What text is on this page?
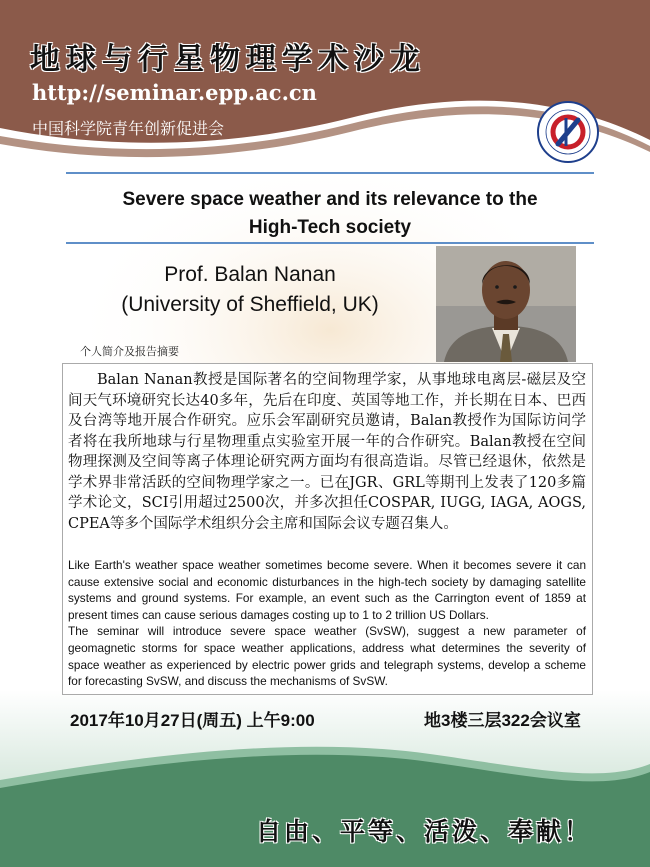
地球与行星物理学术沙龙
http://seminar.epp.ac.cn
中国科学院青年创新促进会
Severe space weather and its relevance to the
High-Tech society
Prof. Balan Nanan
(University of Sheffield, UK)
个人简介及报告摘要

Balan Nanan教授是国际著名的空间物理学家，从事地球电离层-磁层及空间天气环境研究长达40多年，先后在印度、英国等地工作，并长期在日本、巴西及台湾等地开展合作研究。应乐会军副研究员邀请，Balan教授作为国际访问学者将在我所地球与行星物理重点实验室开展一年的合作研究。Balan教授在空间物理探测及空间等离子体理论研究两方面均有很高造诣。尽管已经退休，依然是学术界非常活跃的空间物理学家之一。已在JGR、GRL等期刊上发表了120多篇学术论文，SCI引用超过2500次，并多次担任COSPAR, IUGG, IAGA, AOGS, CPEA等多个国际学术组织分会主席和国际会议专题召集人。

Like Earth's weather space weather sometimes become severe. When it becomes severe it can cause extensive social and economic disturbances in the high-tech society by damaging satellite systems and ground systems. For example, an event such as the Carrington event of 1859 at present times can cause serious damages costing up to 1 to 2 trillion US Dollars.

The seminar will introduce severe space weather (SvSW), suggest a new parameter of geomagnetic storms for space weather applications, address what determines the severity of space weather as experienced by electric power grids and telegraph systems, develop a scheme for forecasting SvSW, and discuss the mechanisms of SvSW.

2017年10月27日(周五) 上午9:00	地3楼三层322会议室
自由、平等、活泼、奉献！
